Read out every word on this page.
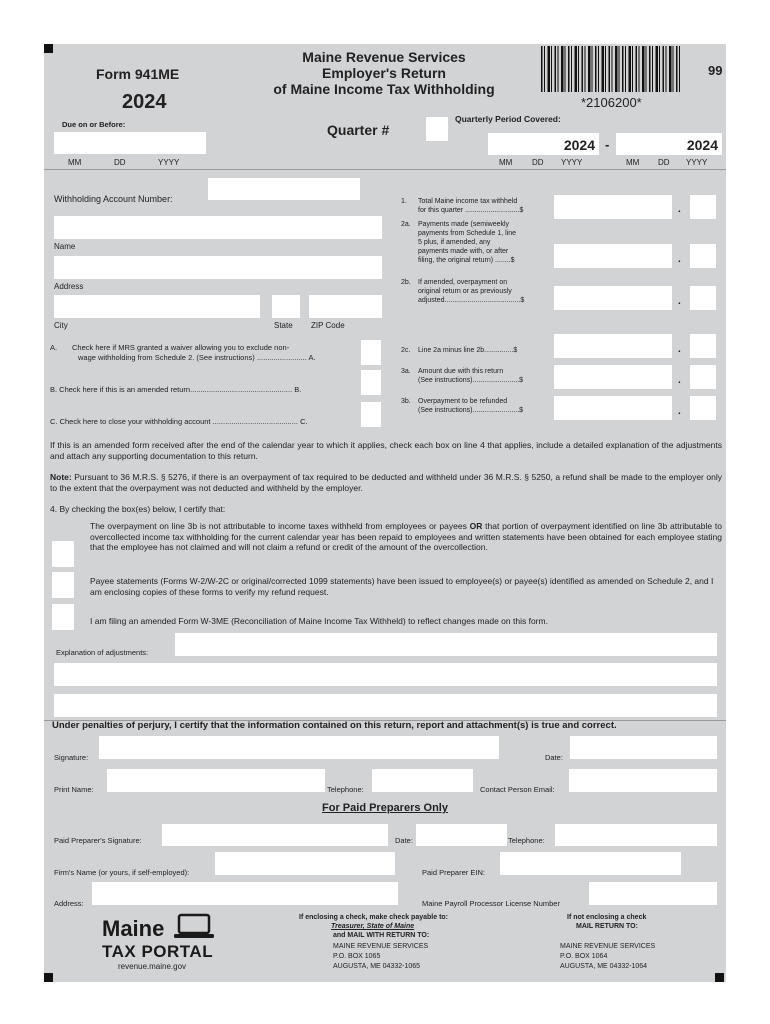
Form 941ME
2024
Due on or Before:
MM	DD	YYYY
Maine Revenue Services
Employer's Return
of Maine Income Tax Withholding
99
*2106200*
Quarter #
Quarterly Period Covered:
2024 -	2024
MM DD YYYY	MM DD YYYY
Withholding Account Number:
Name
Address
City	State ZIP Code
A. Check here if MRS granted a waiver allowing you to exclude non-
wage withholding from Schedule 2. (See instructions) ........................ A.
B. Check here if this is an amended return................................................. B.
C. Check here to close your withholding account ......................................... C.
1. Total Maine income tax withheld
for this quarter ............................$	.
2a. Payments made (semiweekly
payments from Schedule 1, line
5 plus, if amended, any
payments made with, or after
filing, the original return) ........$	.
2b. If amended, overpayment on
original return or as previously
adjusted.......................................$	.
2c. Line 2a minus line 2b...............$	.
3a. Amount due with this return
(See instructions)........................$	.
3b. Overpayment to be refunded
(See instructions)........................$	.
If this is an amended form received after the end of the calendar year to which it applies, check each box on line 4 that applies, include a detailed explanation of the adjustments and attach any supporting documentation to this return.
Note: Pursuant to 36 M.R.S. § 5276, if there is an overpayment of tax required to be deducted and withheld under 36 M.R.S. § 5250, a refund shall be made to the employer only to the extent that the overpayment was not deducted and withheld by the employer.
4. By checking the box(es) below, I certify that:
The overpayment on line 3b is not attributable to income taxes withheld from employees or payees OR that portion of overpayment identified on line 3b attributable to overcollected income tax withholding for the current calendar year has been repaid to employees and written statements have been obtained for each employee stating that the employee has not claimed and will not claim a refund or credit of the amount of the overcollection.
Payee statements (Forms W-2/W-2C or original/corrected 1099 statements) have been issued to employee(s) or payee(s) identified as amended on Schedule 2, and I am enclosing copies of these forms to verify my refund request.
I am filing an amended Form W-3ME (Reconciliation of Maine Income Tax Withheld) to reflect changes made on this form.
Explanation of adjustments:
Under penalties of perjury, I certify that the information contained on this return, report and attachment(s) is true and correct.
Signature:	Date:
Print Name:	Telephone:	Contact Person Email:
For Paid Preparers Only
Paid Preparer's Signature:	Date:	Telephone:
Firm's Name (or yours, if self-employed):	Paid Preparer EIN:
Address:	Maine Payroll Processor License Number
Maine
TAX PORTAL
revenue.maine.gov
If enclosing a check, make check payable to:
Treasurer, State of Maine
and MAIL WITH RETURN TO:
MAINE REVENUE SERVICES
P.O. BOX 1065
AUGUSTA, ME 04332-1065
If not enclosing a check
MAIL RETURN TO:
MAINE REVENUE SERVICES
P.O. BOX 1064
AUGUSTA, ME 04332-1064
